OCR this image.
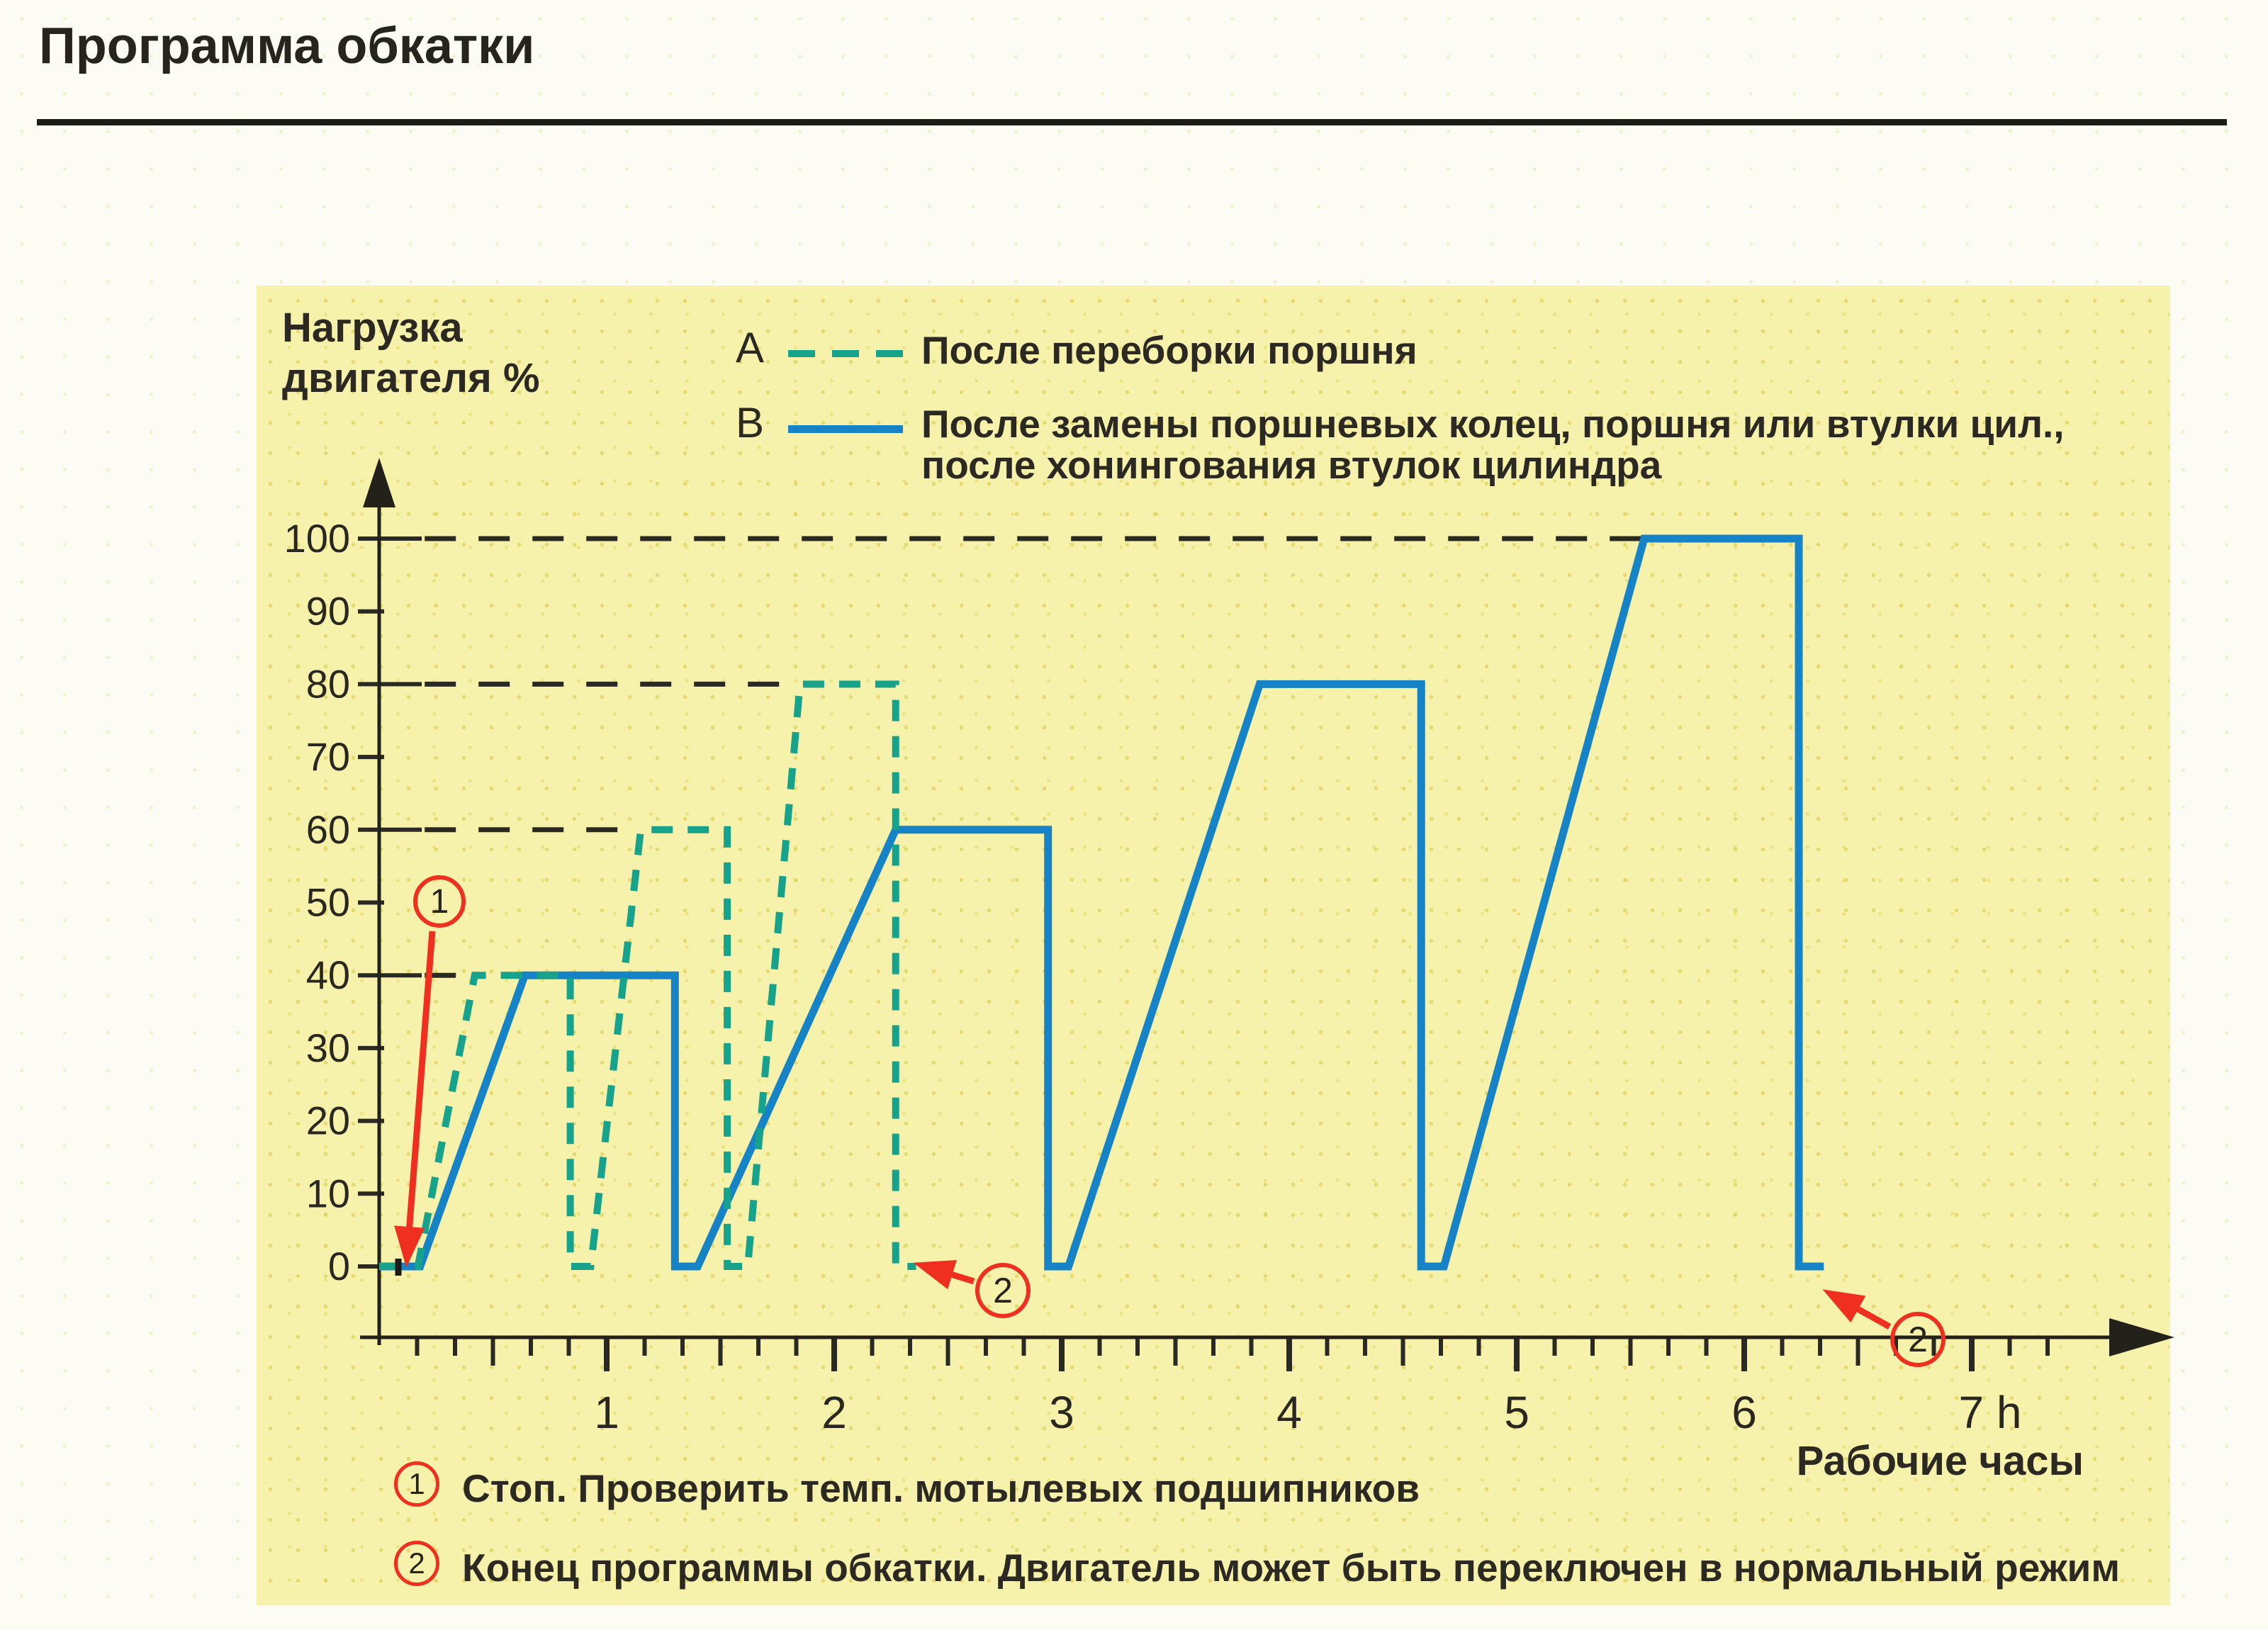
Программа обкатки
0
10
20
30
40
50
60
70
80
90
100
1	2	3	4	5	6	7 h
Нагрузка
двигателя %
A	После переборки поршня
B	После замены поршневых колец, поршня или втулки цил.,
после хонингования втулок цилиндра
Рабочие часы
1
2
2
1 Стоп. Проверить темп. мотылевых подшипников
2 Конец программы обкатки. Двигатель может быть переключен в нормальный режим
